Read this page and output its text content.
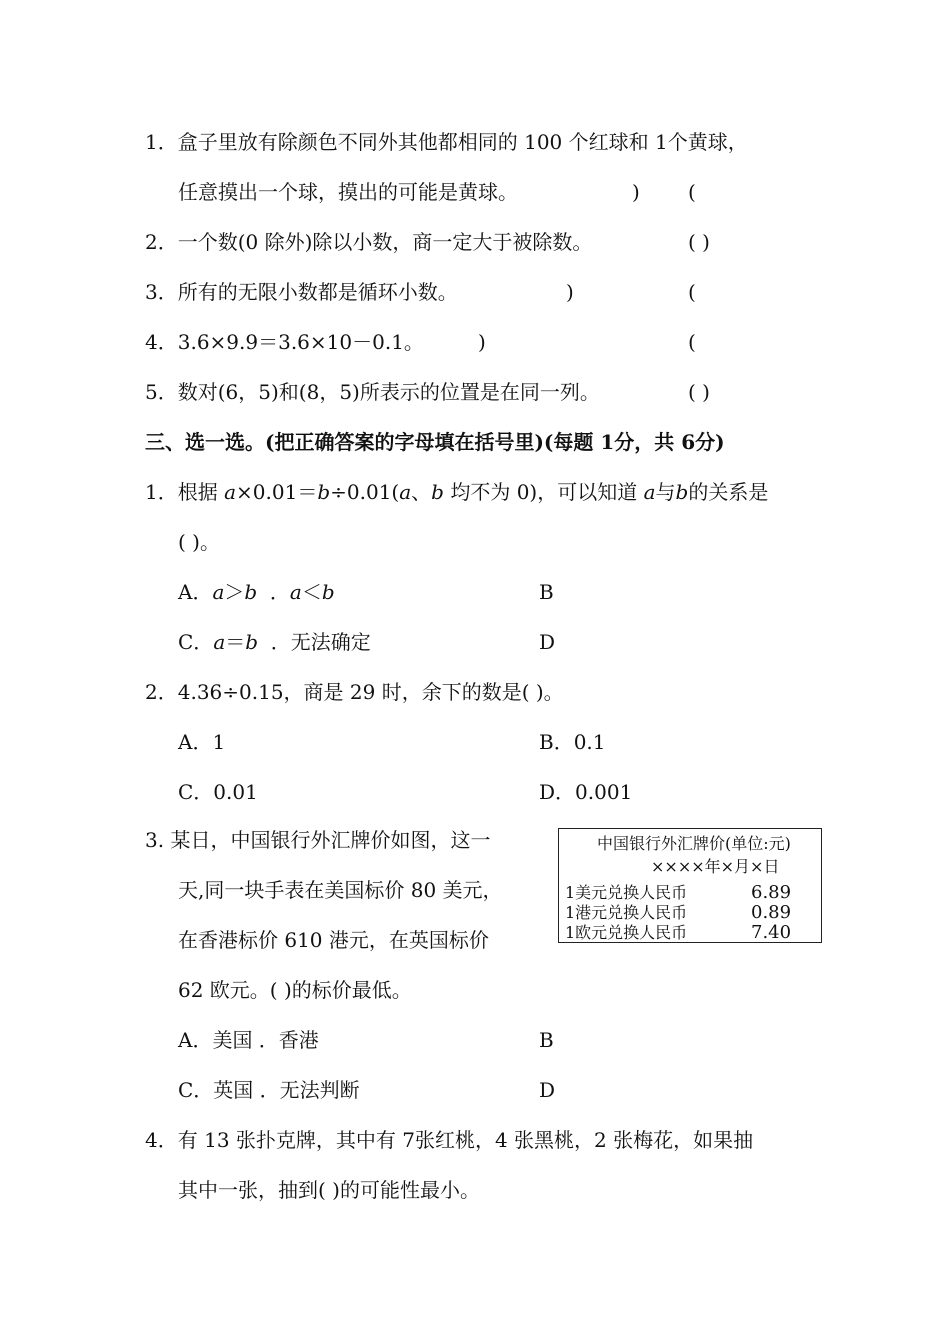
1．盒子里放有除颜色不同外其他都相同的 100 个红球和 1个黄球，
任意摸出一个球，摸出的可能是黄球。	) (
2．一个数(0 除外)除以小数，商一定大于被除数。	( )
3．所有的无限小数都是循环小数。	)	(
4．3.6×9.9＝3.6×10－0.1。	)	(
5．数对(6，5)和(8，5)所表示的位置是在同一列。	( )
三、选一选。(把正确答案的字母填在括号里)(每题 1分，共 6分)
1．根据 a×0.01＝b÷0.01(a、b 均不为 0)，可以知道 a与b的关系是
( )。
A．a＞b ．a＜b	B
C．a＝b ．无法确定	D
2．4.36÷0.15，商是 29 时，余下的数是( )。
A．1	B．0.1
C．0.01	D．0.001
3. 某日，中国银行外汇牌价如图，这一
天,同一块手表在美国标价 80 美元，
在香港标价 610 港元，在英国标价
62 欧元。( )的标价最低。
中国银行外汇牌价(单位:元)
××××年×月×日
1美元兑换人民币	6.89
1港元兑换人民币	0.89
1欧元兑换人民币	7.40
A．美国 ．香港	B
C．英国 ．无法判断	D
4．有 13 张扑克牌，其中有 7张红桃，4 张黑桃，2 张梅花，如果抽
其中一张，抽到( )的可能性最小。
